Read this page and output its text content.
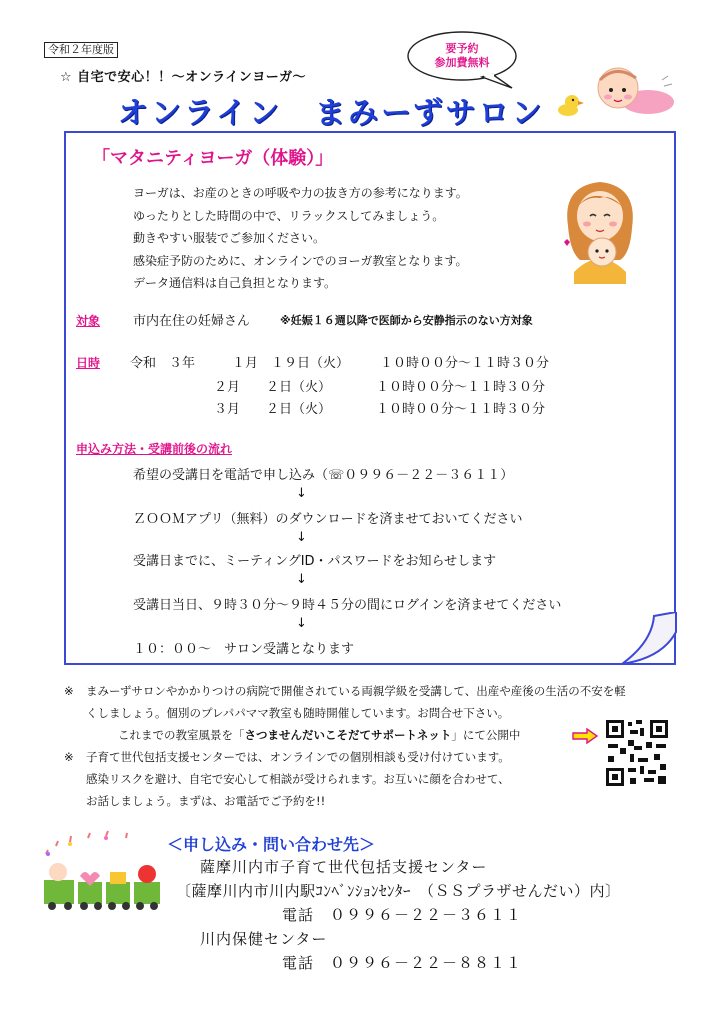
令和２年度版
☆ 自宅で安心！！～オンラインヨーガ～
オンライン　まみーずサロン
要予約
参加費無料
「マタニティヨーガ（体験）」
ヨーガは、お産のときの呼吸や力の抜き方の参考になります。
ゆったりとした時間の中で、リラックスしてみましょう。
動きやすい服装でご参加ください。
感染症予防のために、オンラインでのヨーガ教室となります。
データ通信料は自己負担となります。
対象	市内在住の妊婦さん	※妊娠１６週以降で医師から安静指示のない方対象
日時 令和　３年	１月　１９日（火） １０時００分～１１時３０分
２月　　２日（火）	１０時００分～１１時３０分
３月　　２日（火）	１０時００分～１１時３０分
申込み方法・受講前後の流れ
希望の受講日を電話で申し込み（☏０９９６－２２－３６１１）
↓
ＺＯＯＭアプリ（無料）のダウンロードを済ませておいてください
↓
受講日までに、ミーティングID・パスワードをお知らせします
↓
受講日当日、９時３０分～９時４５分の間にログインを済ませてください
↓
１０：００～　サロン受講となります
※ まみーずサロンやかかりつけの病院で開催されている両親学級を受講して、出産や産後の生活の不安を軽
くしましょう。個別のプレパパママ教室も随時開催しています。お問合せ下さい。
これまでの教室風景を「さつませんだいこそだてサポートネット」にて公開中
※ 子育て世代包括支援センターでは、オンラインでの個別相談も受け付けています。
感染リスクを避け、自宅で安心して相談が受けられます。お互いに顔を合わせて、
お話しましょう。まずは、お電話でご予約を!!
＜申し込み・問い合わせ先＞
薩摩川内市子育て世代包括支援センター
〔薩摩川内市川内駅ｺﾝﾍﾞﾝｼｮﾝｾﾝﾀｰ　（ＳＳプラザせんだい）内〕
電話　０９９６－２２－３６１１
川内保健センター
電話　０９９６－２２－８８１１
